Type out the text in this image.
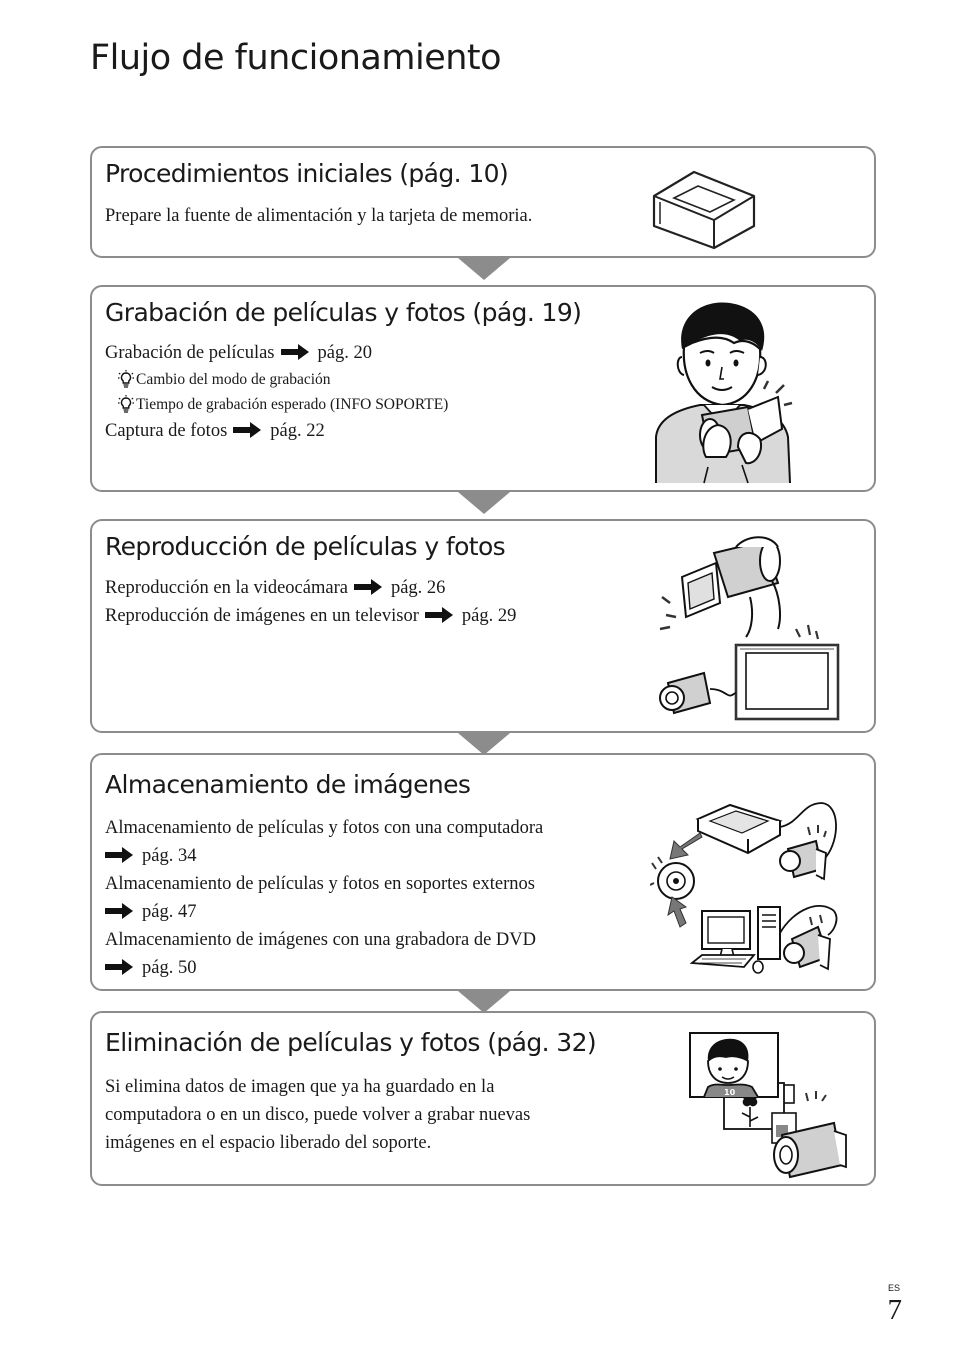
Flujo de funcionamiento
Procedimientos iniciales (pág. 10)
Prepare la fuente de alimentación y la tarjeta de memoria.
Grabación de películas y fotos (pág. 19)
Grabación de películas pág. 20
Cambio del modo de grabación
Tiempo de grabación esperado (INFO SOPORTE)
Captura de fotos pág. 22
Reproducción de películas y fotos
Reproducción en la videocámara pág. 26
Reproducción de imágenes en un televisor pág. 29
Almacenamiento de imágenes
Almacenamiento de películas y fotos con una computadora
pág. 34
Almacenamiento de películas y fotos en soportes externos
pág. 47
Almacenamiento de imágenes con una grabadora de DVD
pág. 50
Eliminación de películas y fotos (pág. 32)
Si elimina datos de imagen que ya ha guardado en la
computadora o en un disco, puede volver a grabar nuevas
imágenes en el espacio liberado del soporte.
10
ES
7
